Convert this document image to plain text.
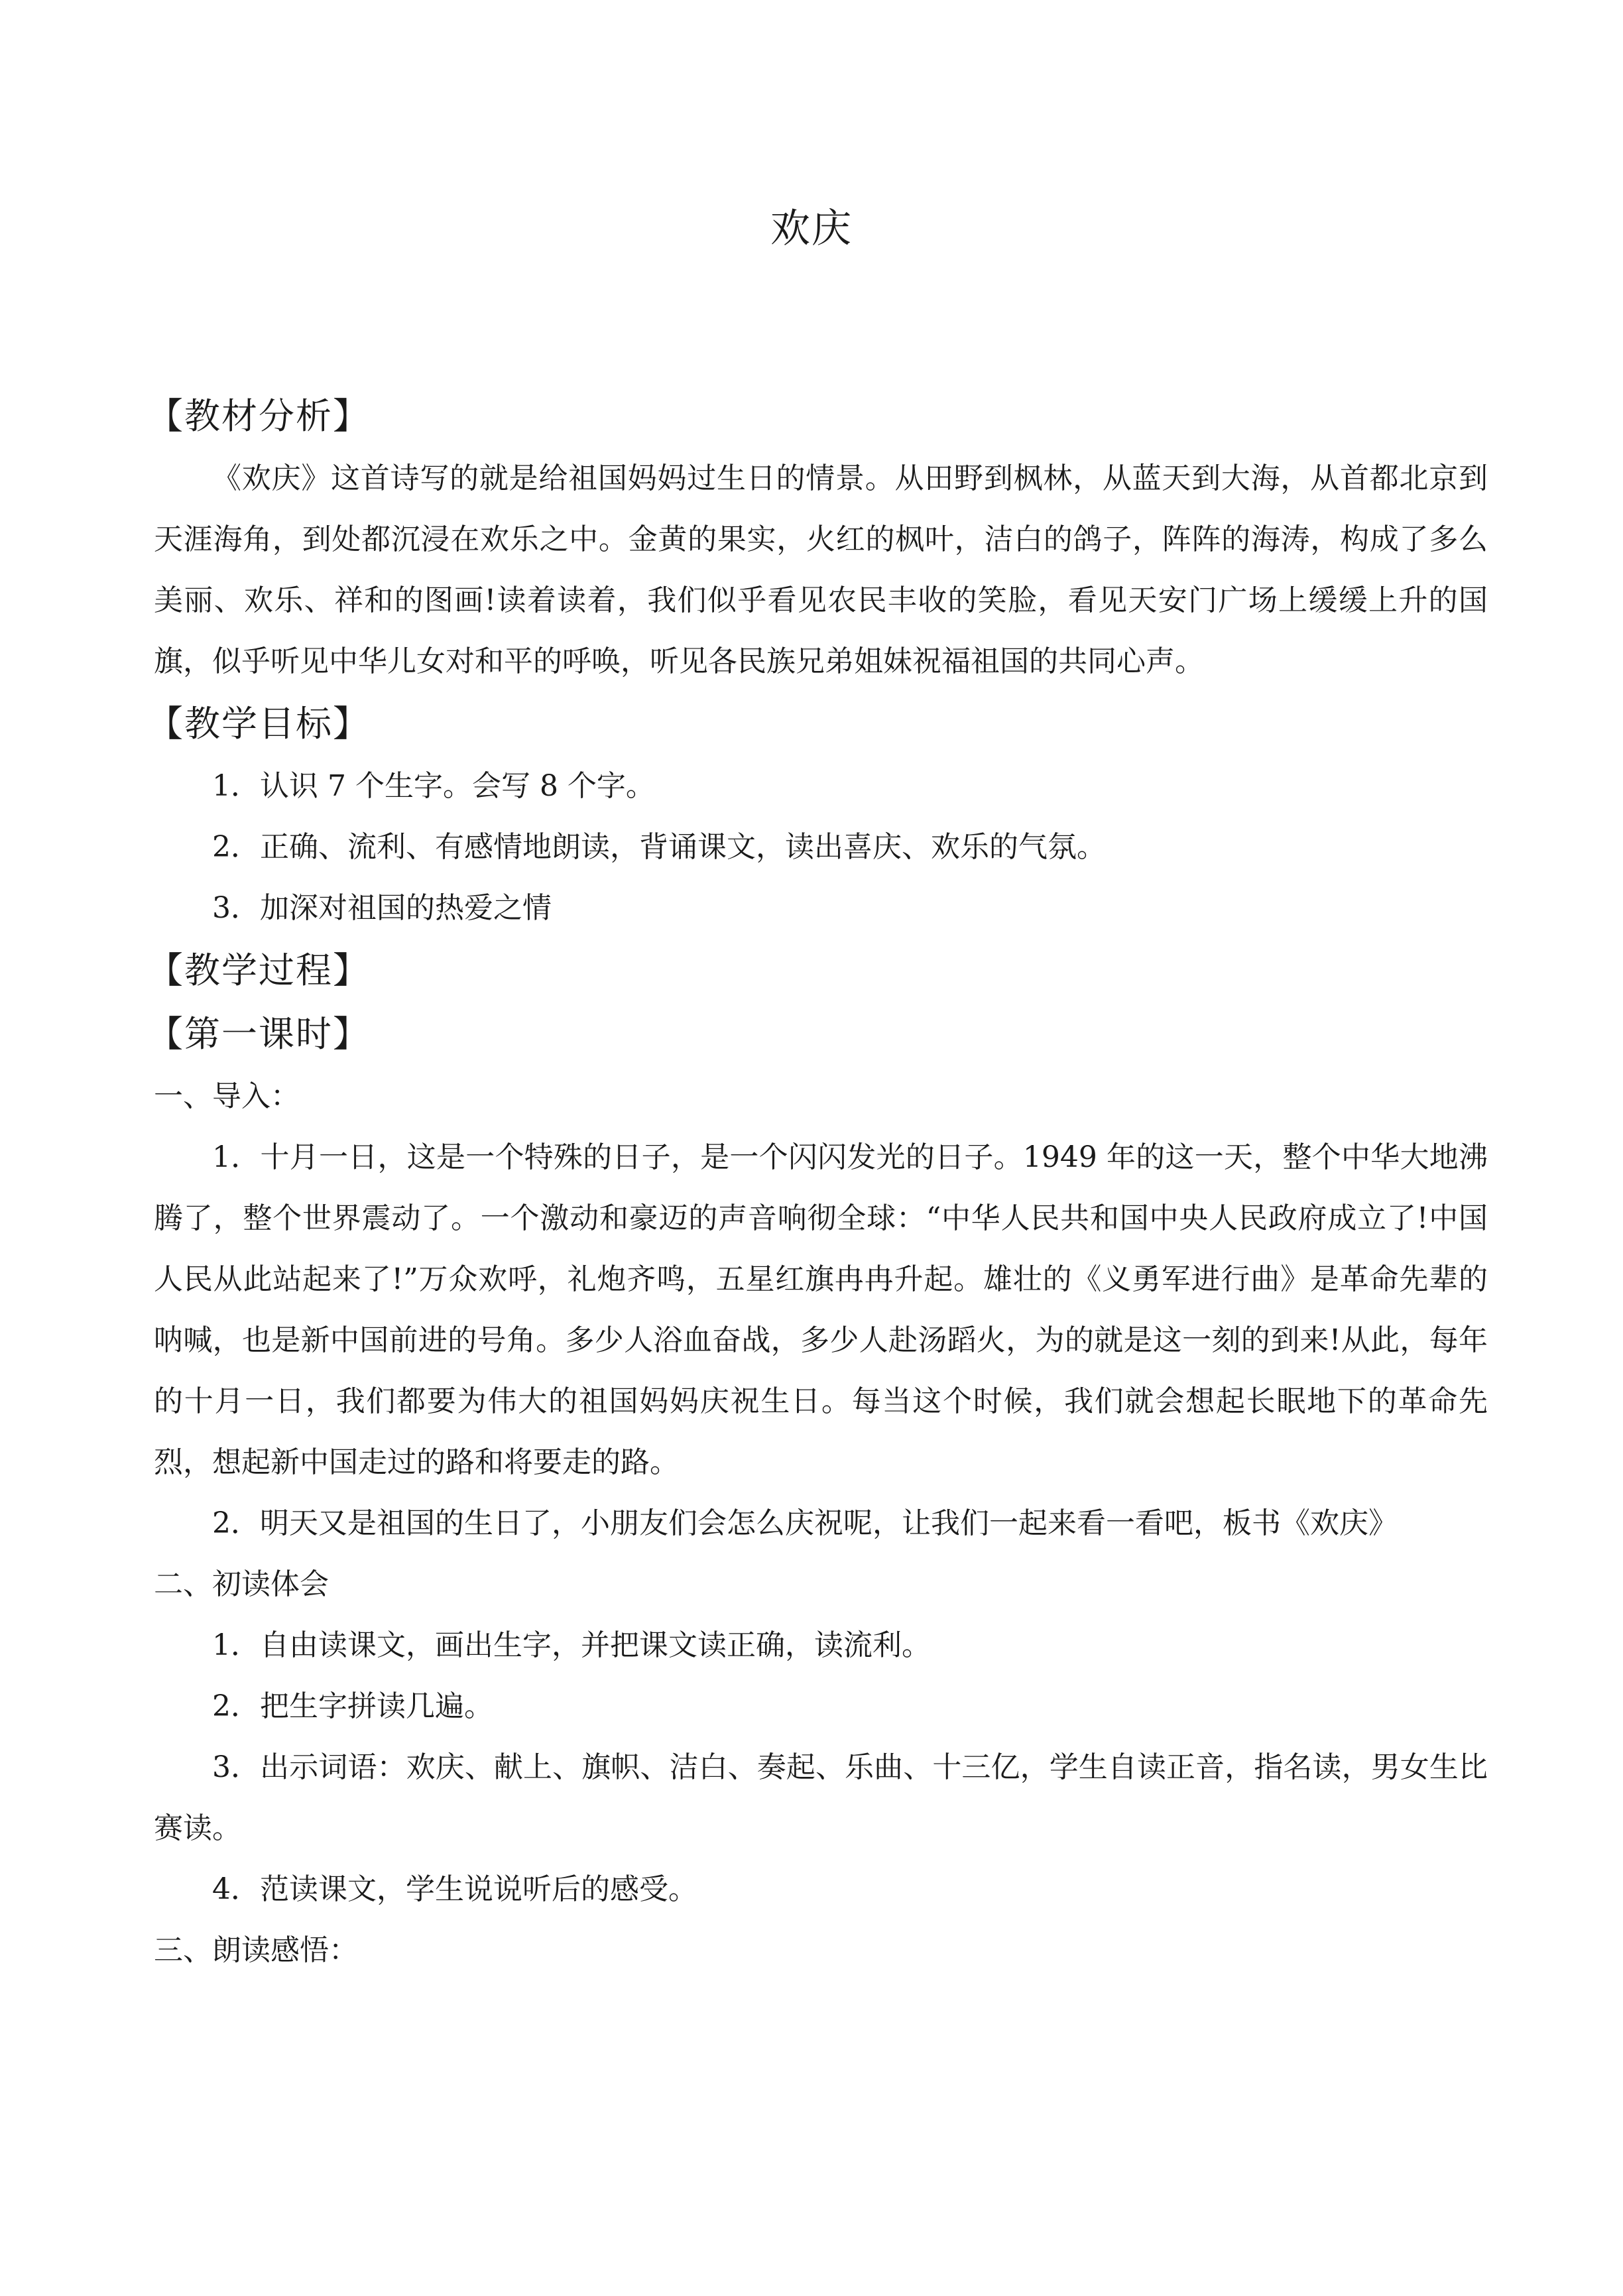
欢庆

【教材分析】

《欢庆》这首诗写的就是给祖国妈妈过生日的情景。从田野到枫林，从蓝天到大海，从首都北京到天涯海角，到处都沉浸在欢乐之中。金黄的果实，火红的枫叶，洁白的鸽子，阵阵的海涛，构成了多么美丽、欢乐、祥和的图画!读着读着，我们似乎看见农民丰收的笑脸，看见天安门广场上缓缓上升的国旗，似乎听见中华儿女对和平的呼唤，听见各民族兄弟姐妹祝福祖国的共同心声。

【教学目标】

1．认识 7 个生字。会写 8 个字。

2．正确、流利、有感情地朗读，背诵课文，读出喜庆、欢乐的气氛。

3．加深对祖国的热爱之情

【教学过程】

【第一课时】

一、导入：

1．十月一日，这是一个特殊的日子，是一个闪闪发光的日子。1949 年的这一天，整个中华大地沸腾了，整个世界震动了。一个激动和豪迈的声音响彻全球：“中华人民共和国中央人民政府成立了!中国人民从此站起来了!”万众欢呼，礼炮齐鸣，五星红旗冉冉升起。雄壮的《义勇军进行曲》是革命先辈的呐喊，也是新中国前进的号角。多少人浴血奋战，多少人赴汤蹈火，为的就是这一刻的到来!从此，每年的十月一日，我们都要为伟大的祖国妈妈庆祝生日。每当这个时候，我们就会想起长眠地下的革命先烈，想起新中国走过的路和将要走的路。

2．明天又是祖国的生日了，小朋友们会怎么庆祝呢，让我们一起来看一看吧，板书《欢庆》

二、初读体会

1．自由读课文，画出生字，并把课文读正确，读流利。

2．把生字拼读几遍。

3．出示词语：欢庆、献上、旗帜、洁白、奏起、乐曲、十三亿，学生自读正音，指名读，男女生比赛读。

4．范读课文，学生说说听后的感受。

三、朗读感悟：
